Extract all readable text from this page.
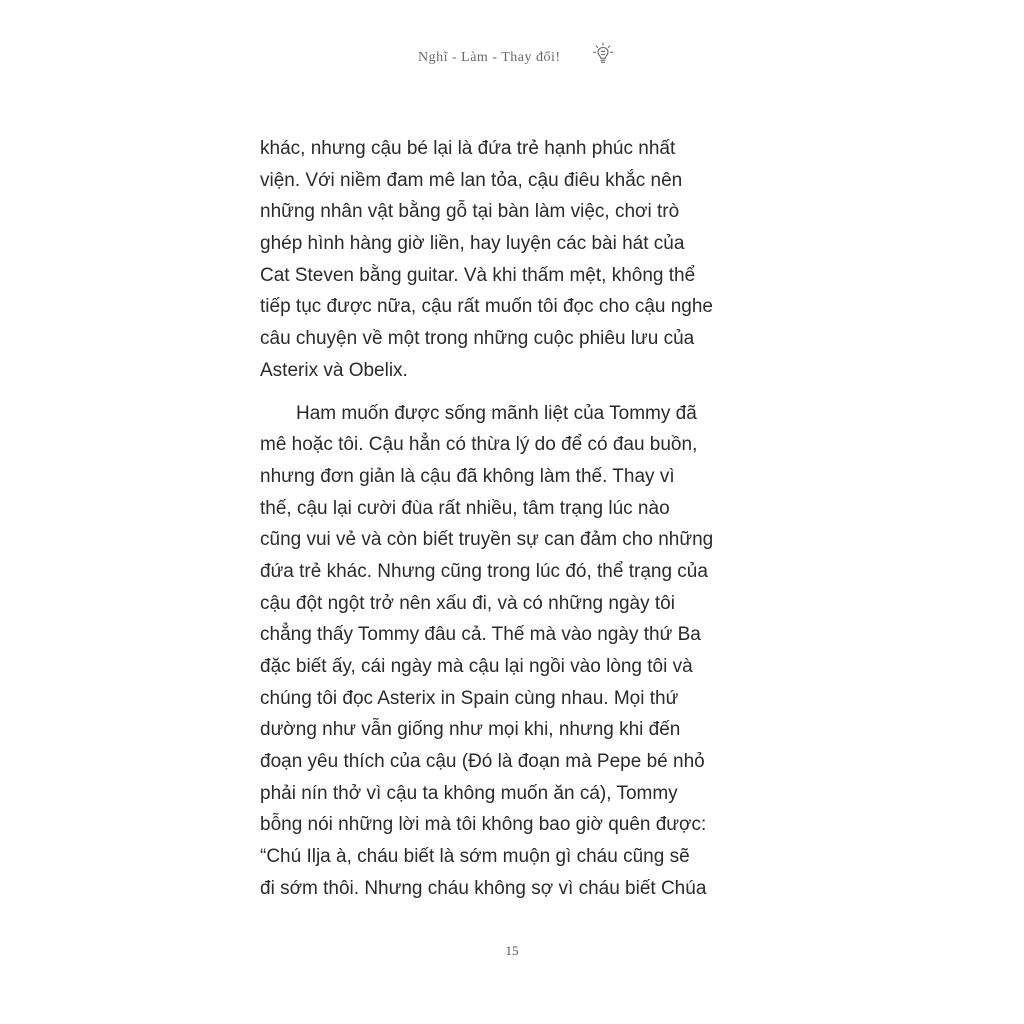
Nghĩ - Làm - Thay đổi!

khác, nhưng cậu bé lại là đứa trẻ hạnh phúc nhất
viện. Với niềm đam mê lan tỏa, cậu điêu khắc nên
những nhân vật bằng gỗ tại bàn làm việc, chơi trò
ghép hình hàng giờ liền, hay luyện các bài hát của
Cat Steven bằng guitar. Và khi thấm mệt, không thể
tiếp tục được nữa, cậu rất muốn tôi đọc cho cậu nghe
câu chuyện về một trong những cuộc phiêu lưu của
Asterix và Obelix.

Ham muốn được sống mãnh liệt của Tommy đã
mê hoặc tôi. Cậu hẳn có thừa lý do để có đau buồn,
nhưng đơn giản là cậu đã không làm thế. Thay vì
thế, cậu lại cười đùa rất nhiều, tâm trạng lúc nào
cũng vui vẻ và còn biết truyền sự can đảm cho những
đứa trẻ khác. Nhưng cũng trong lúc đó, thể trạng của
cậu đột ngột trở nên xấu đi, và có những ngày tôi
chẳng thấy Tommy đâu cả. Thế mà vào ngày thứ Ba
đặc biết ấy, cái ngày mà cậu lại ngồi vào lòng tôi và
chúng tôi đọc Asterix in Spain cùng nhau. Mọi thứ
dường như vẫn giống như mọi khi, nhưng khi đến
đoạn yêu thích của cậu (Đó là đoạn mà Pepe bé nhỏ
phải nín thở vì cậu ta không muốn ăn cá), Tommy
bỗng nói những lời mà tôi không bao giờ quên được:
“Chú Ilja à, cháu biết là sớm muộn gì cháu cũng sẽ
đi sớm thôi. Nhưng cháu không sợ vì cháu biết Chúa

15
